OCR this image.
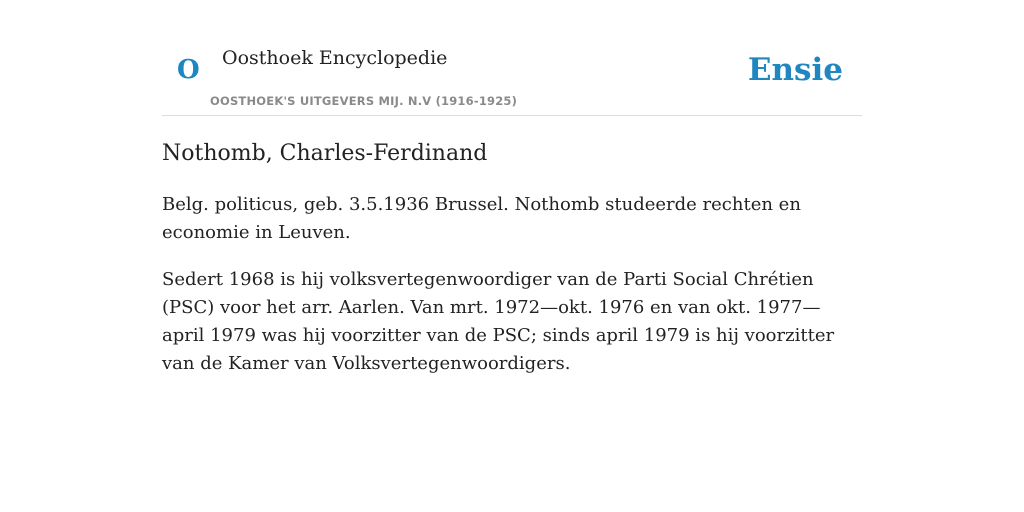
O Oosthoek Encyclopedie
OOSTHOEK'S UITGEVERS MIJ. N.V (1916-1925)
Ensie
Nothomb, Charles-Ferdinand

Belg. politicus, geb. 3.5.1936 Brussel. Nothomb studeerde rechten en economie in Leuven.

Sedert 1968 is hij volksvertegenwoordiger van de Parti Social Chrétien (PSC) voor het arr. Aarlen. Van mrt. 1972—okt. 1976 en van okt. 1977—april 1979 was hij voorzitter van de PSC; sinds april 1979 is hij voorzitter van de Kamer van Volksvertegenwoordigers.
